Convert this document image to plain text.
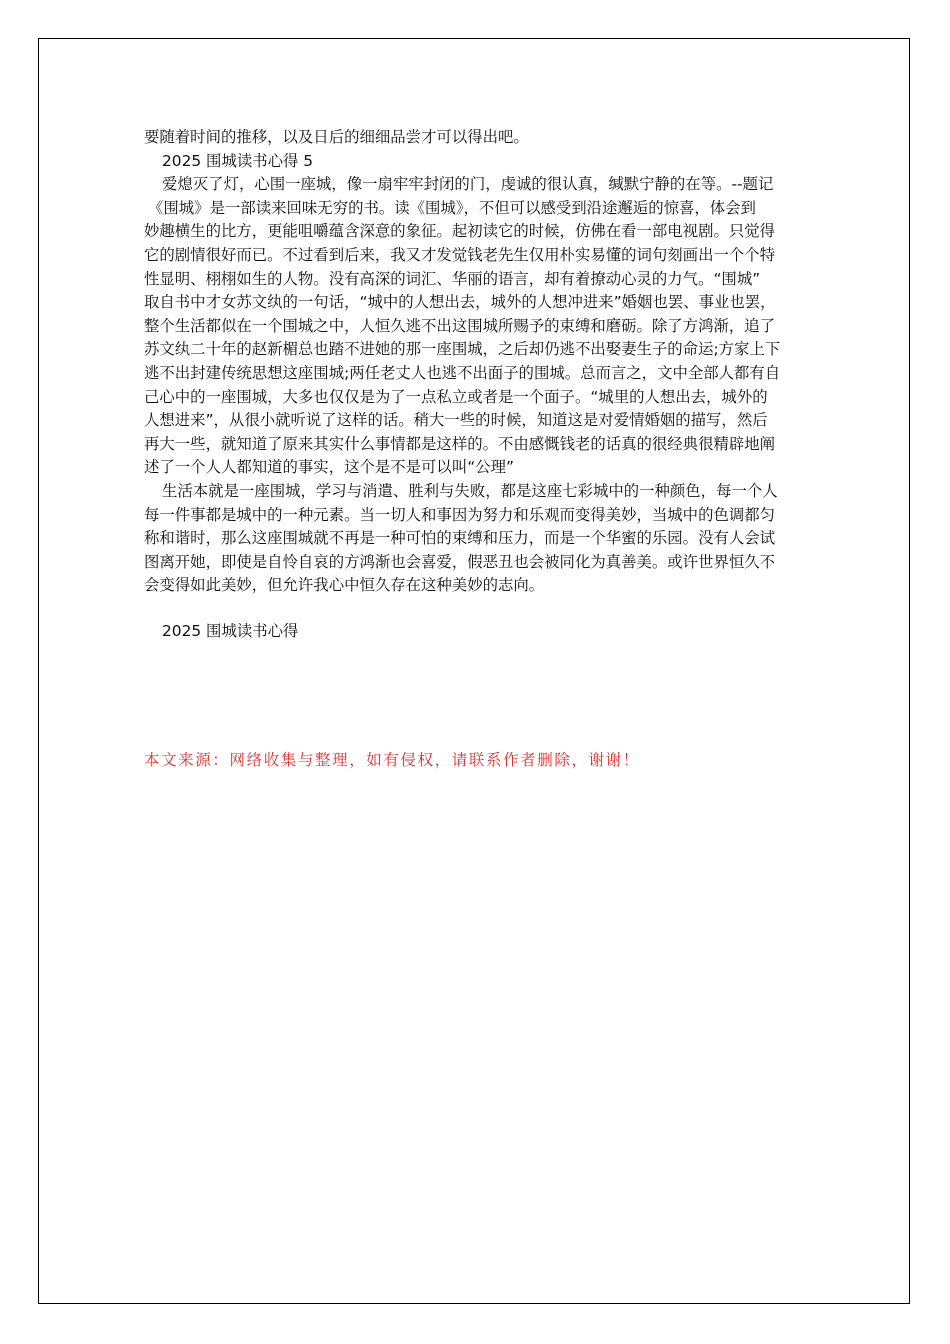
要随着时间的推移，以及日后的细细品尝才可以得出吧。
2025 围城读书心得 5
爱熄灭了灯，心围一座城，像一扇牢牢封闭的门，虔诚的很认真，缄默宁静的在等。--题记
《围城》是一部读来回味无穷的书。读《围城》，不但可以感受到沿途邂逅的惊喜，体会到
妙趣横生的比方，更能咀嚼蕴含深意的象征。起初读它的时候，仿佛在看一部电视剧。只觉得
它的剧情很好而已。不过看到后来，我又才发觉钱老先生仅用朴实易懂的词句刻画出一个个特
性显明、栩栩如生的人物。没有高深的词汇、华丽的语言，却有着撩动心灵的力气。“围城”
取自书中才女苏文纨的一句话，“城中的人想出去，城外的人想冲进来”婚姻也罢、事业也罢，
整个生活都似在一个围城之中，人恒久逃不出这围城所赐予的束缚和磨砺。除了方鸿渐，追了
苏文纨二十年的赵新楣总也踏不进她的那一座围城，之后却仍逃不出娶妻生子的命运;方家上下
逃不出封建传统思想这座围城;两任老丈人也逃不出面子的围城。总而言之，文中全部人都有自
己心中的一座围城，大多也仅仅是为了一点私立或者是一个面子。“城里的人想出去，城外的
人想进来”，从很小就听说了这样的话。稍大一些的时候，知道这是对爱情婚姻的描写，然后
再大一些，就知道了原来其实什么事情都是这样的。不由感慨钱老的话真的很经典很精辟地阐
述了一个人人都知道的事实，这个是不是可以叫“公理”
生活本就是一座围城，学习与消遣、胜利与失败，都是这座七彩城中的一种颜色，每一个人
每一件事都是城中的一种元素。当一切人和事因为努力和乐观而变得美妙，当城中的色调都匀
称和谐时，那么这座围城就不再是一种可怕的束缚和压力，而是一个华蜜的乐园。没有人会试
图离开她，即使是自怜自哀的方鸿渐也会喜爱，假恶丑也会被同化为真善美。或许世界恒久不
会变得如此美妙，但允许我心中恒久存在这种美妙的志向。
2025 围城读书心得
本文来源：网络收集与整理，如有侵权，请联系作者删除，谢谢！
